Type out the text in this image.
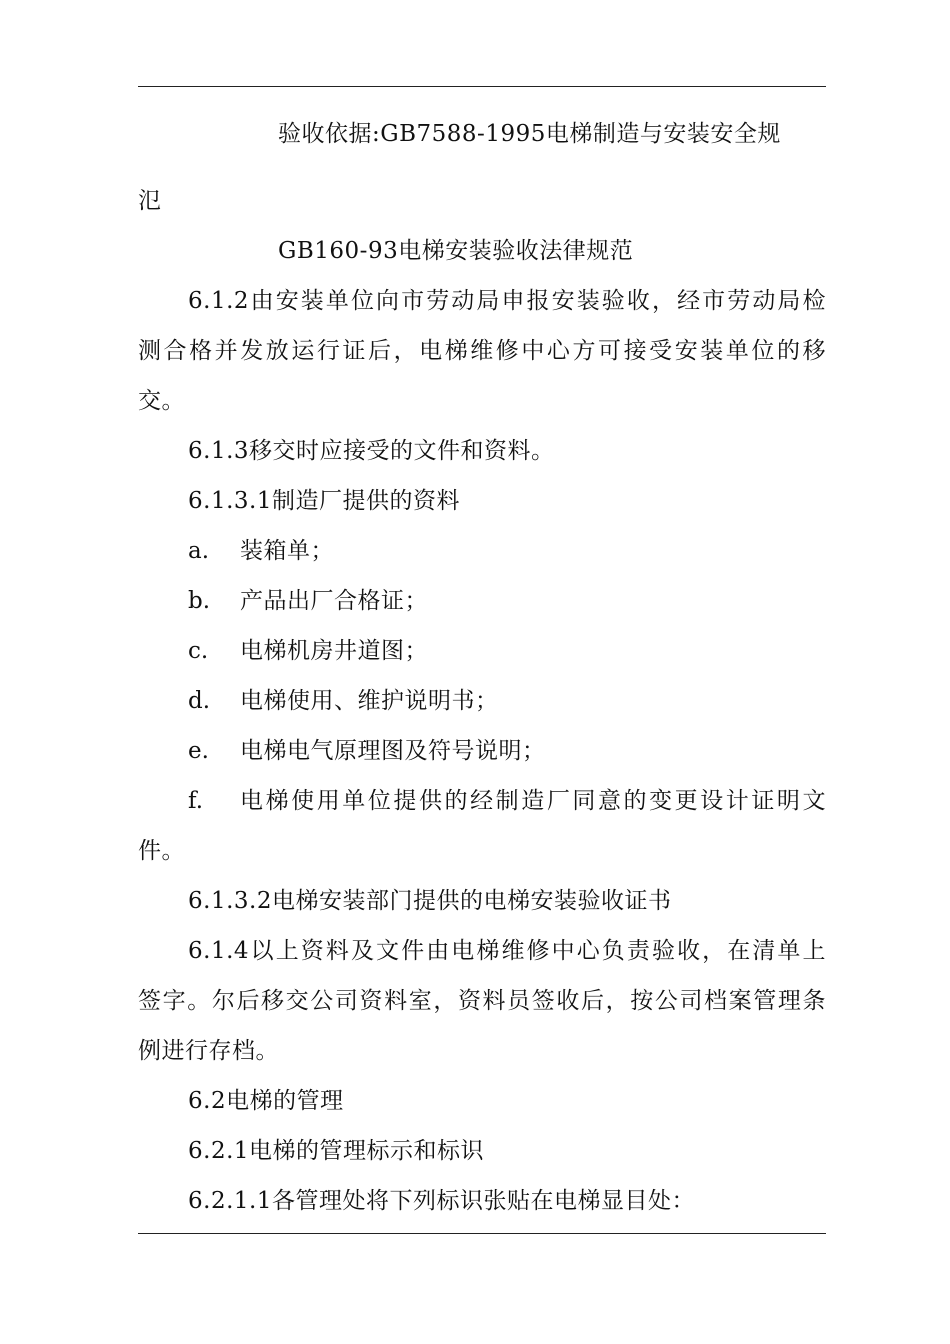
验收依据:GB7588-1995电梯制造与安装安全规
氾
GB160-93电梯安装验收法律规范
6.1.2由安装单位向市劳动局申报安装验收，经市劳动局检
测合格并发放运行证后，电梯维修中心方可接受安装单位的移
交。
6.1.3移交时应接受的文件和资料。
6.1.3.1制造厂提供的资料
a. 装箱单；
b. 产品出厂合格证；
c. 电梯机房井道图；
d. 电梯使用、维护说明书；
e. 电梯电气原理图及符号说明；
f. 电梯使用单位提供的经制造厂同意的变更设计证明文
件。
6.1.3.2电梯安装部门提供的电梯安装验收证书
6.1.4以上资料及文件由电梯维修中心负责验收，在清单上
签字。尔后移交公司资料室，资料员签收后，按公司档案管理条
例进行存档。
6.2电梯的管理
6.2.1电梯的管理标示和标识
6.2.1.1各管理处将下列标识张贴在电梯显目处：
